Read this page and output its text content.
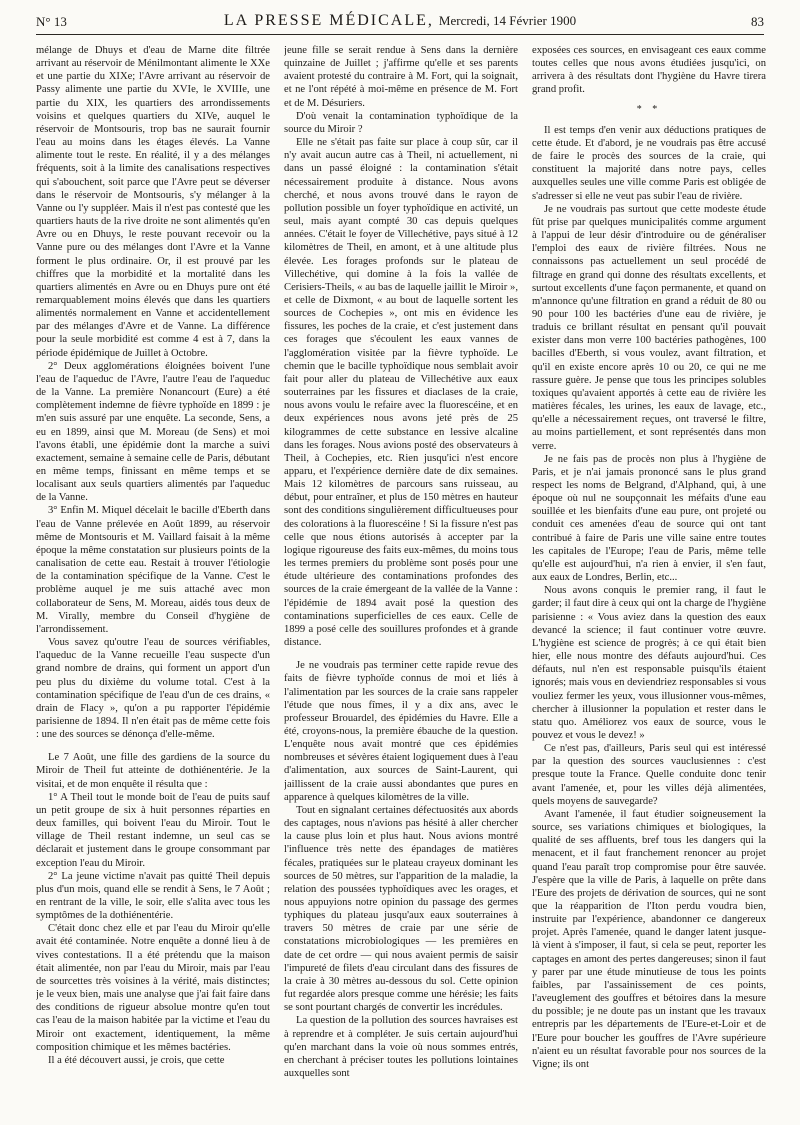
N° 13	LA PRESSE MÉDICALE, Mercredi, 14 Février 1900	83

mélange de Dhuys et d'eau de Marne dite filtrée arrivant au réservoir de Ménilmontant alimente le XXe et une partie du XIXe; l'Avre arrivant au réservoir de Passy alimente une partie du XVIe, le XVIIIe, une partie du XIX, les quartiers des arrondissements voisins et quelques quartiers du XIVe, auquel le réservoir de Montsouris, trop bas ne saurait fournir l'eau au moins dans les étages élevés. La Vanne alimente tout le reste. En réalité, il y a des mélanges fréquents, soit à la limite des canalisations respectives qui s'abouchent, soit parce que l'Avre peut se déverser dans le réservoir de Montsouris, s'y mélanger à la Vanne ou l'y suppléer. Mais il n'est pas contesté que les quartiers hauts de la rive droite ne sont alimentés qu'en Avre ou en Dhuys, le reste pouvant recevoir ou la Vanne pure ou des mélanges dont l'Avre et la Vanne forment le plus ordinaire. Or, il est prouvé par les chiffres que la morbidité et la mortalité dans les quartiers alimentés en Avre ou en Dhuys pure ont été remarquablement moins élevés que dans les quartiers alimentés normalement en Vanne et accidentellement par des mélanges d'Avre et de Vanne. La différence pour la seule morbidité est comme 4 est à 7, dans la période épidémique de Juillet à Octobre.

2° Deux agglomérations éloignées boivent l'une l'eau de l'aqueduc de l'Avre, l'autre l'eau de l'aqueduc de la Vanne. La première Nonancourt (Eure) a été complètement indemne de fièvre typhoïde en 1899 : je m'en suis assuré par une enquête. La seconde, Sens, a eu en 1899, ainsi que M. Moreau (de Sens) et moi l'avons établi, une épidémie dont la marche a suivi exactement, semaine à semaine celle de Paris, débutant en même temps, finissant en même temps et se localisant aux seuls quartiers alimentés par l'aqueduc de la Vanne.

3° Enfin M. Miquel décelait le bacille d'Eberth dans l'eau de Vanne prélevée en Août 1899, au réservoir même de Montsouris et M. Vaillard faisait à la même époque la même constatation sur plusieurs points de la canalisation de cette eau. Restait à trouver l'étiologie de la contamination spécifique de la Vanne. C'est le problème auquel je me suis attaché avec mon collaborateur de Sens, M. Moreau, aidés tous deux de M. Virally, membre du Conseil d'hygiène de l'arrondissement.

Vous savez qu'outre l'eau de sources vérifiables, l'aqueduc de la Vanne recueille l'eau suspecte d'un grand nombre de drains, qui forment un apport d'un peu plus du dixième du volume total. C'est à la contamination spécifique de l'eau d'un de ces drains, « drain de Flacy », qu'on a pu rapporter l'épidémie parisienne de 1894. Il n'en était pas de même cette fois : une des sources se dénonça d'elle-même.

Le 7 Août, une fille des gardiens de la source du Miroir de Theil fut atteinte de dothiénentérie. Je la visitai, et de mon enquête il résulta que :

1° A Theil tout le monde boit de l'eau de puits sauf un petit groupe de six à huit personnes réparties en deux familles, qui boivent l'eau du Miroir. Tout le village de Theil restant indemne, un seul cas se déclarait et justement dans le groupe consommant par exception l'eau du Miroir.

2° La jeune victime n'avait pas quitté Theil depuis plus d'un mois, quand elle se rendit à Sens, le 7 Août ; en rentrant de la ville, le soir, elle s'alita avec tous les symptômes de la dothiénentérie.

C'était donc chez elle et par l'eau du Miroir qu'elle avait été contaminée. Notre enquête a donné lieu à de vives contestations. Il a été prétendu que la maison était alimentée, non par l'eau du Miroir, mais par l'eau de sourcettes très voisines à la vérité, mais distinctes; je le veux bien, mais une analyse que j'ai fait faire dans des conditions de rigueur absolue montre qu'en tout cas l'eau de la maison habitée par la victime et l'eau du Miroir ont exactement, identiquement, la même composition chimique et les mêmes bactéries.

Il a été découvert aussi, je crois, que cette

jeune fille se serait rendue à Sens dans la dernière quinzaine de Juillet ; j'affirme qu'elle et ses parents avaient protesté du contraire à M. Fort, qui la soignait, et ne l'ont répété à moi-même en présence de M. Fort et de M. Désuriers.

D'où venait la contamination typhoïdique de la source du Miroir ?

Elle ne s'était pas faite sur place à coup sûr, car il n'y avait aucun autre cas à Theil, ni actuellement, ni dans un passé éloigné : la contamination s'était nécessairement produite à distance. Nous avons cherché, et nous avons trouvé dans le rayon de pollution possible un foyer typhoïdique en activité, un seul, mais ayant compté 30 cas depuis quelques années. C'était le foyer de Villechétive, pays situé à 12 kilomètres de Theil, en amont, et à une altitude plus élevée. Les forages profonds sur le plateau de Villechétive, qui domine à la fois la vallée de Cerisiers-Theils, « au bas de laquelle jaillit le Miroir », et celle de Dixmont, « au bout de laquelle sortent les sources de Cochepies », ont mis en évidence les fissures, les poches de la craie, et c'est justement dans ces forages que s'écoulent les eaux vannes de l'agglomération visitée par la fièvre typhoïde. Le chemin que le bacille typhoïdique nous semblait avoir fait pour aller du plateau de Villechétive aux eaux souterraines par les fissures et diaclases de la craie, nous avons voulu le refaire avec la fluorescéine, et en deux expériences nous avons jeté près de 25 kilogrammes de cette substance en lessive alcaline dans les forages. Nous avions posté des observateurs à Theil, à Cochepies, etc. Rien jusqu'ici n'est encore apparu, et l'expérience dernière date de dix semaines. Mais 12 kilomètres de parcours sans ruisseau, au début, pour entraîner, et plus de 150 mètres en hauteur sont des conditions singulièrement difficultueuses pour des colorations à la fluorescéine ! Si la fissure n'est pas celle que nous étions autorisés à accepter par la logique rigoureuse des faits eux-mêmes, du moins tous les termes premiers du problème sont posés pour une étude ultérieure des contaminations profondes des sources de la craie émergeant de la vallée de la Vanne : l'épidémie de 1894 avait posé la question des contaminations superficielles de ces eaux. Celle de 1899 a posé celle des souillures profondes et à grande distance.

Je ne voudrais pas terminer cette rapide revue des faits de fièvre typhoïde connus de moi et liés à l'alimentation par les sources de la craie sans rappeler l'étude que nous fîmes, il y a dix ans, avec le professeur Brouardel, des épidémies du Havre. Elle a été, croyons-nous, la première ébauche de la question. L'enquête nous avait montré que ces épidémies nombreuses et sévères étaient logiquement dues à l'eau d'alimentation, aux sources de Saint-Laurent, qui jaillissent de la craie aussi abondantes que pures en apparence à quelques kilomètres de la ville.

Tout en signalant certaines défectuosités aux abords des captages, nous n'avions pas hésité à aller chercher la cause plus loin et plus haut. Nous avions montré l'influence très nette des épandages de matières fécales, pratiquées sur le plateau crayeux dominant les sources de 50 mètres, sur l'apparition de la maladie, la relation des poussées typhoïdiques avec les orages, et nous appuyions notre opinion du passage des germes typhiques du plateau jusqu'aux eaux souterraines à travers 50 mètres de craie par une série de constatations microbiologiques — les premières en date de cet ordre — qui nous avaient permis de saisir l'impureté de filets d'eau circulant dans des fissures de la craie à 30 mètres au-dessous du sol. Cette opinion fut regardée alors presque comme une hérésie; les faits se sont pourtant chargés de convertir les incrédules.

La question de la pollution des sources havraises est à reprendre et à compléter. Je suis certain aujourd'hui qu'en marchant dans la voie où nous sommes entrés, en cherchant à préciser toutes les pollutions lointaines auxquelles sont

exposées ces sources, en envisageant ces eaux comme toutes celles que nous avons étudiées jusqu'ici, on arrivera à des résultats dont l'hygiène du Havre tirera grand profit.

* *

Il est temps d'en venir aux déductions pratiques de cette étude. Et d'abord, je ne voudrais pas être accusé de faire le procès des sources de la craie, qui constituent la majorité dans notre pays, celles auxquelles seules une ville comme Paris est obligée de s'adresser si elle ne veut pas subir l'eau de rivière.

Je ne voudrais pas surtout que cette modeste étude fût prise par quelques municipalités comme argument à l'appui de leur désir d'introduire ou de généraliser l'emploi des eaux de rivière filtrées. Nous ne connaissons pas actuellement un seul procédé de filtrage en grand qui donne des résultats excellents, et surtout excellents d'une façon permanente, et quand on m'annonce qu'une filtration en grand a réduit de 80 ou 90 pour 100 les bactéries d'une eau de rivière, je traduis ce brillant résultat en pensant qu'il pouvait exister dans mon verre 100 bactéries pathogènes, 100 bacilles d'Eberth, si vous voulez, avant filtration, et qu'il en existe encore après 10 ou 20, ce qui ne me rassure guère. Je pense que tous les principes solubles toxiques qu'avaient apportés à cette eau de rivière les matières fécales, les urines, les eaux de lavage, etc., qu'elle a nécessairement reçues, ont traversé le filtre, au moins partiellement, et sont représentés dans mon verre.

Je ne fais pas de procès non plus à l'hygiène de Paris, et je n'ai jamais prononcé sans le plus grand respect les noms de Belgrand, d'Alphand, qui, à une époque où nul ne soupçonnait les méfaits d'une eau souillée et les bienfaits d'une eau pure, ont projeté ou conduit ces amenées d'eau de source qui ont tant contribué à faire de Paris une ville saine entre toutes les capitales de l'Europe; l'eau de Paris, même telle qu'elle est aujourd'hui, n'a rien à envier, il s'en faut, aux eaux de Londres, Berlin, etc...

Nous avons conquis le premier rang, il faut le garder; il faut dire à ceux qui ont la charge de l'hygiène parisienne : « Vous aviez dans la question des eaux devancé la science; il faut continuer votre œuvre. L'hygiène est science de progrès; à ce qui était bien hier, elle nous montre des défauts aujourd'hui. Ces défauts, nul n'en est responsable puisqu'ils étaient ignorés; mais vous en deviendriez responsables si vous vouliez fermer les yeux, vous illusionner vous-mêmes, chercher à illusionner la population et rester dans le statu quo. Améliorez vos eaux de source, vous le pouvez et vous le devez! »

Ce n'est pas, d'ailleurs, Paris seul qui est intéressé par la question des sources vauclusiennes : c'est presque toute la France. Quelle conduite donc tenir avant l'amenée, et, pour les villes déjà alimentées, quels moyens de sauvegarde?

Avant l'amenée, il faut étudier soigneusement la source, ses variations chimiques et biologiques, la qualité de ses affluents, bref tous les dangers qui la menacent, et il faut franchement renoncer au projet quand l'eau paraît trop compromise pour être sauvée. J'espère que la ville de Paris, à laquelle on prête dans l'Eure des projets de dérivation de sources, qui ne sont que la réapparition de l'Iton perdu voudra bien, instruite par l'expérience, abandonner ce dangereux projet. Après l'amenée, quand le danger latent jusque-là vient à s'imposer, il faut, si cela se peut, reporter les captages en amont des pertes dangereuses; sinon il faut y parer par une étude minutieuse de tous les points faibles, par l'assainissement de ces points, l'aveuglement des gouffres et bétoires dans la mesure du possible; je ne doute pas un instant que les travaux entrepris par les départements de l'Eure-et-Loir et de l'Eure pour boucher les gouffres de l'Avre supérieure n'aient eu un résultat favorable pour nos sources de la Vigne; ils ont
